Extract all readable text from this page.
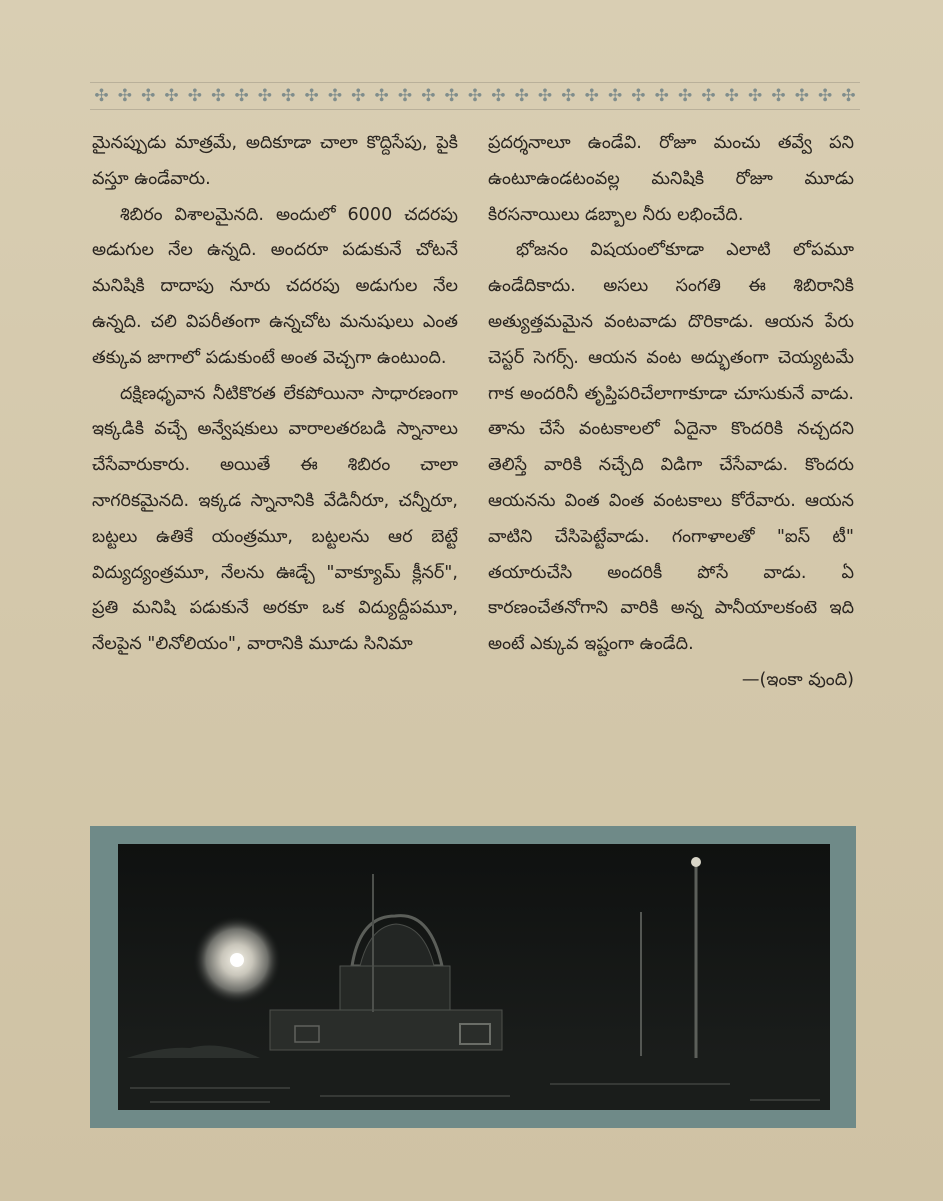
✣ ✣ ✣ ✣ ✣ ✣ ✣ ✣ ✣ ✣ ✣ ✣ ✣ ✣ ✣ ✣ ✣ ✣ ✣ ✣ ✣ ✣ ✣ ✣ ✣ ✣ ✣ ✣ ✣ ✣ ✣ ✣ ✣

మైనప్పుడు మాత్రమే, అదికూడా చాలా కొద్దిసేపు, పైకి వస్తూ ఉండేవారు.

శిబిరం విశాలమైనది. అందులో 6000 చదరపు అడుగుల నేల ఉన్నది. అందరూ పడుకునే చోటనే మనిషికి దాదాపు నూరు చదరపు అడుగుల నేల ఉన్నది. చలి విపరీతంగా ఉన్నచోట మనుషులు ఎంత తక్కువ జాగాలో పడుకుంటే అంత వెచ్చగా ఉంటుంది.

దక్షిణధృవాన నీటికొరత లేకపోయినా సాధారణంగా ఇక్కడికి వచ్చే అన్వేషకులు వారాలతరబడి స్నానాలు చేసేవారుకారు. అయితే ఈ శిబిరం చాలా నాగరికమైనది. ఇక్కడ స్నానానికి వేడినీరూ, చన్నీరూ, బట్టలు ఉతికే యంత్రమూ, బట్టలను ఆర బెట్టే విద్యుద్యంత్రమూ, నేలను ఊడ్చే "వాక్యూమ్ క్లీనర్", ప్రతి మనిషి పడుకునే అరకూ ఒక విద్యుద్దీపమూ, నేలపైన "లినోలియం", వారానికి మూడు సినిమా

ప్రదర్శనాలూ ఉండేవి. రోజూ మంచు తవ్వే పని ఉంటూఉండటంవల్ల మనిషికి రోజూ మూడు కిరసనాయిలు డబ్బాల నీరు లభించేది.

భోజనం విషయంలోకూడా ఎలాటి లోపమూ ఉండేదికాదు. అసలు సంగతి ఈ శిబిరానికి అత్యుత్తమమైన వంటవాడు దొరికాడు. ఆయన పేరు చెస్టర్ సెగర్స్. ఆయన వంట అద్భుతంగా చెయ్యటమే గాక అందరినీ తృప్తిపరిచేలాగాకూడా చూసుకునే వాడు. తాను చేసే వంటకాలలో ఏదైనా కొందరికి నచ్చదని తెలిస్తే వారికి నచ్చేది విడిగా చేసేవాడు. కొందరు ఆయనను వింత వింత వంటకాలు కోరేవారు. ఆయన వాటిని చేసిపెట్టేవాడు. గంగాళాలతో "ఐస్ టీ" తయారుచేసి అందరికీ పోసే వాడు. ఏ కారణంచేతనోగాని వారికి అన్న పానీయాలకంటె ఇది అంటే ఎక్కువ ఇష్టంగా ఉండేది.

—(ఇంకా వుంది)
